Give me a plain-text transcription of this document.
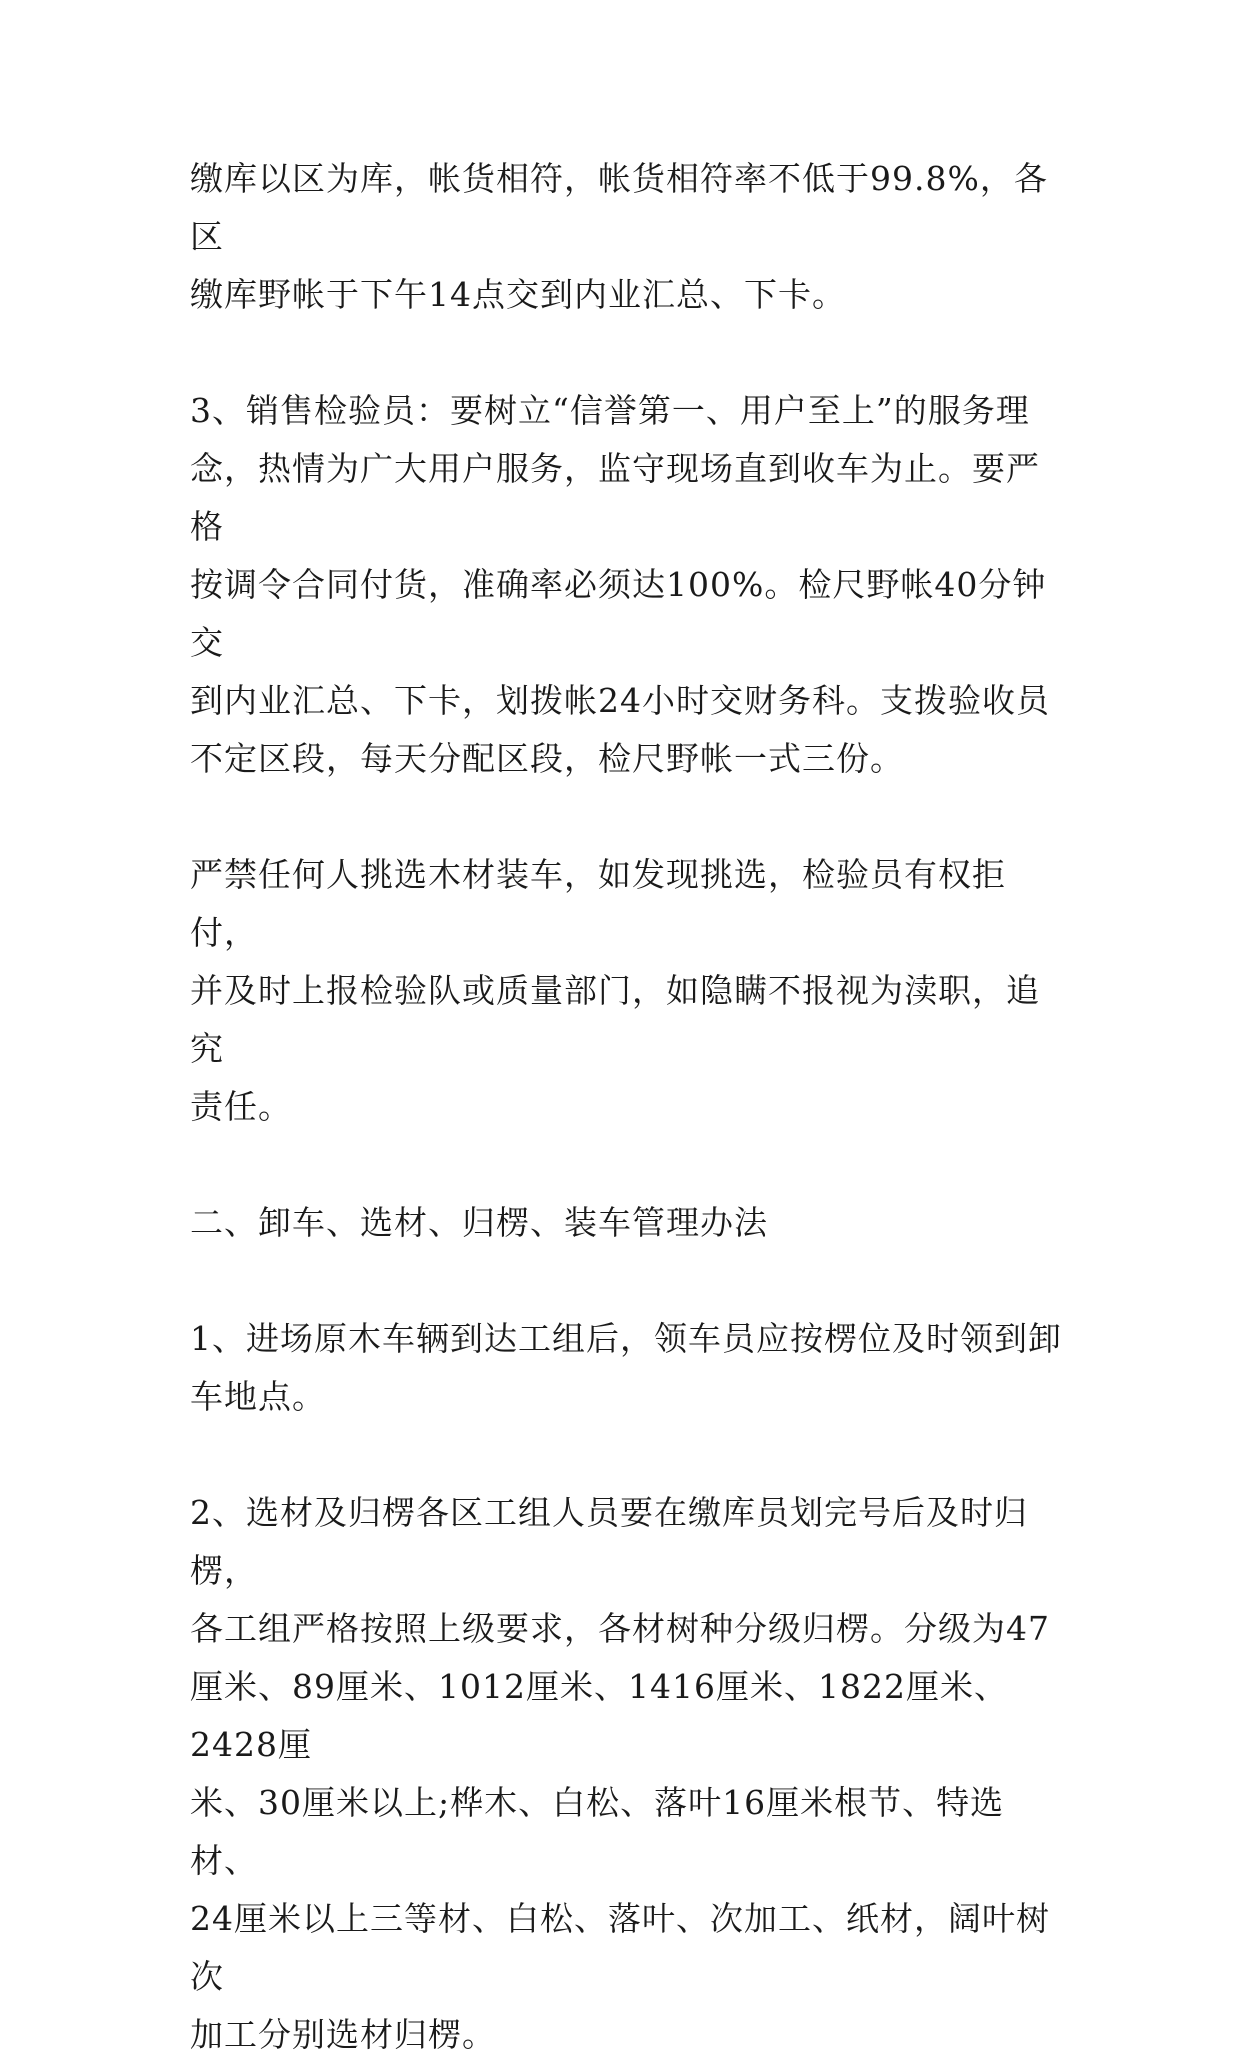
缴库以区为库，帐货相符，帐货相符率不低于99.8%，各区
缴库野帐于下午14点交到内业汇总、下卡。

3、销售检验员：要树立“信誉第一、用户至上”的服务理
念，热情为广大用户服务，监守现场直到收车为止。要严格
按调令合同付货，准确率必须达100%。检尺野帐40分钟交
到内业汇总、下卡，划拨帐24小时交财务科。支拨验收员
不定区段，每天分配区段，检尺野帐一式三份。

严禁任何人挑选木材装车，如发现挑选，检验员有权拒付，
并及时上报检验队或质量部门，如隐瞒不报视为渎职，追究
责任。

二、卸车、选材、归楞、装车管理办法

1、进场原木车辆到达工组后，领车员应按楞位及时领到卸
车地点。

2、选材及归楞各区工组人员要在缴库员划完号后及时归楞，
各工组严格按照上级要求，各材树种分级归楞。分级为47
厘米、89厘米、1012厘米、1416厘米、1822厘米、2428厘
米、30厘米以上;桦木、白松、落叶16厘米根节、特选材、
24厘米以上三等材、白松、落叶、次加工、纸材，阔叶树次
加工分别选材归楞。
